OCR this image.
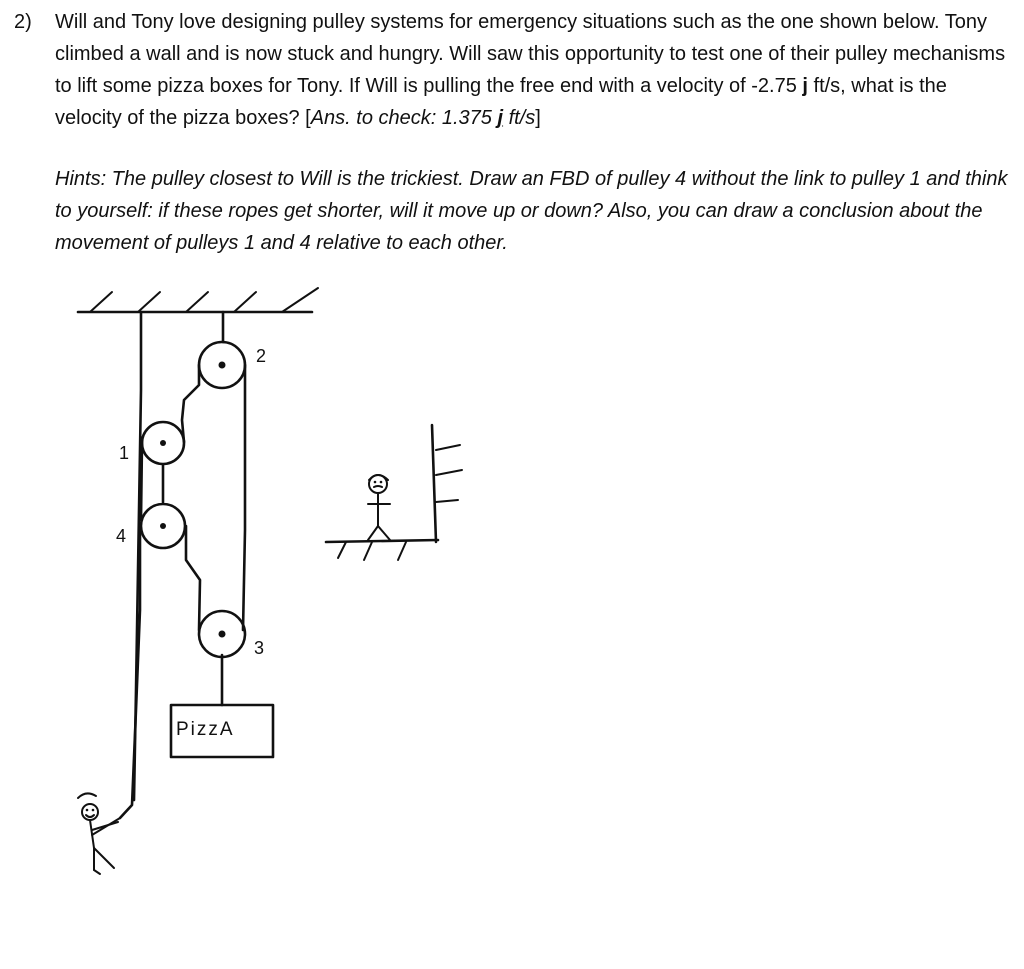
2) Will and Tony love designing pulley systems for emergency situations such as the one shown below. Tony climbed a wall and is now stuck and hungry. Will saw this opportunity to test one of their pulley mechanisms to lift some pizza boxes for Tony. If Will is pulling the free end with a velocity of -2.75 j ft/s, what is the velocity of the pizza boxes? [Ans. to check: 1.375 j ft/s]

Hints: The pulley closest to Will is the trickiest. Draw an FBD of pulley 4 without the link to pulley 1 and think to yourself: if these ropes get shorter, will it move up or down? Also, you can draw a conclusion about the movement of pulleys 1 and 4 relative to each other.

2
1
4
3
PizzA
